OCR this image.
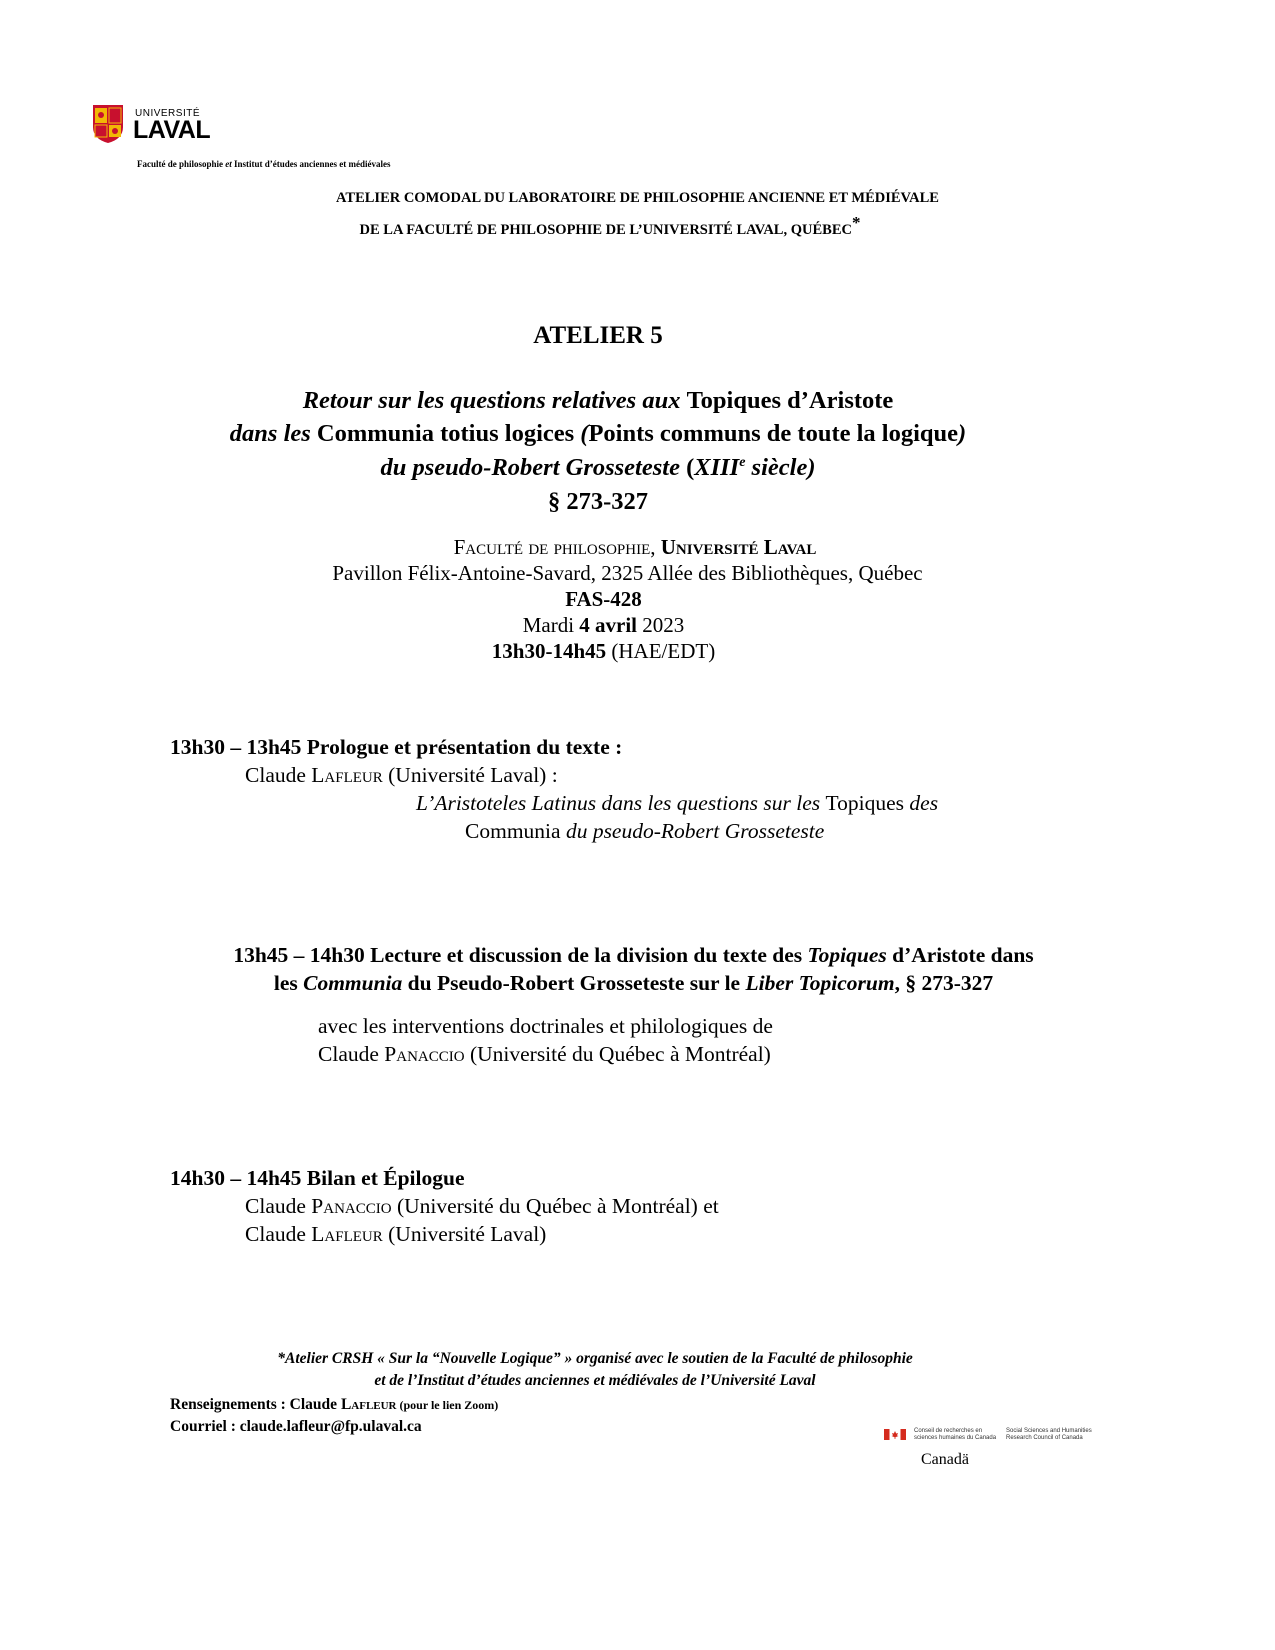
UNIVERSITÉ
LAVAL
Faculté de philosophie et Institut d’études anciennes et médiévales
ATELIER COMODAL DU LABORATOIRE DE PHILOSOPHIE ANCIENNE ET MÉDIÉVALE
DE LA FACULTÉ DE PHILOSOPHIE DE L’UNIVERSITÉ LAVAL, QUÉBEC*
ATELIER 5
Retour sur les questions relatives aux Topiques d’Aristote
dans les Communia totius logices (Points communs de toute la logique)
du pseudo-Robert Grosseteste (XIIIe siècle)
§ 273-327
Faculté de philosophie, Université Laval
Pavillon Félix-Antoine-Savard, 2325 Allée des Bibliothèques, Québec
FAS-428
Mardi 4 avril 2023
13h30-14h45 (HAE/EDT)
13h30 – 13h45 Prologue et présentation du texte :
Claude Lafleur (Université Laval) :
L’Aristoteles Latinus dans les questions sur les Topiques des
Communia du pseudo-Robert Grosseteste
13h45 – 14h30 Lecture et discussion de la division du texte des Topiques d’Aristote dans
les Communia du Pseudo-Robert Grosseteste sur le Liber Topicorum, § 273-327
avec les interventions doctrinales et philologiques de
Claude Panaccio (Université du Québec à Montréal)
14h30 – 14h45 Bilan et Épilogue
Claude Panaccio (Université du Québec à Montréal) et
Claude Lafleur (Université Laval)
*Atelier CRSH « Sur la “Nouvelle Logique” » organisé avec le soutien de la Faculté de philosophie
et de l’Institut d’études anciennes et médiévales de l’Université Laval
Renseignements : Claude Lafleur (pour le lien Zoom)
Courriel : claude.lafleur@fp.ulaval.ca	Conseil de recherches en
sciences humaines du Canada
Social Sciences and Humanities
Research Council of Canada
Canadä
